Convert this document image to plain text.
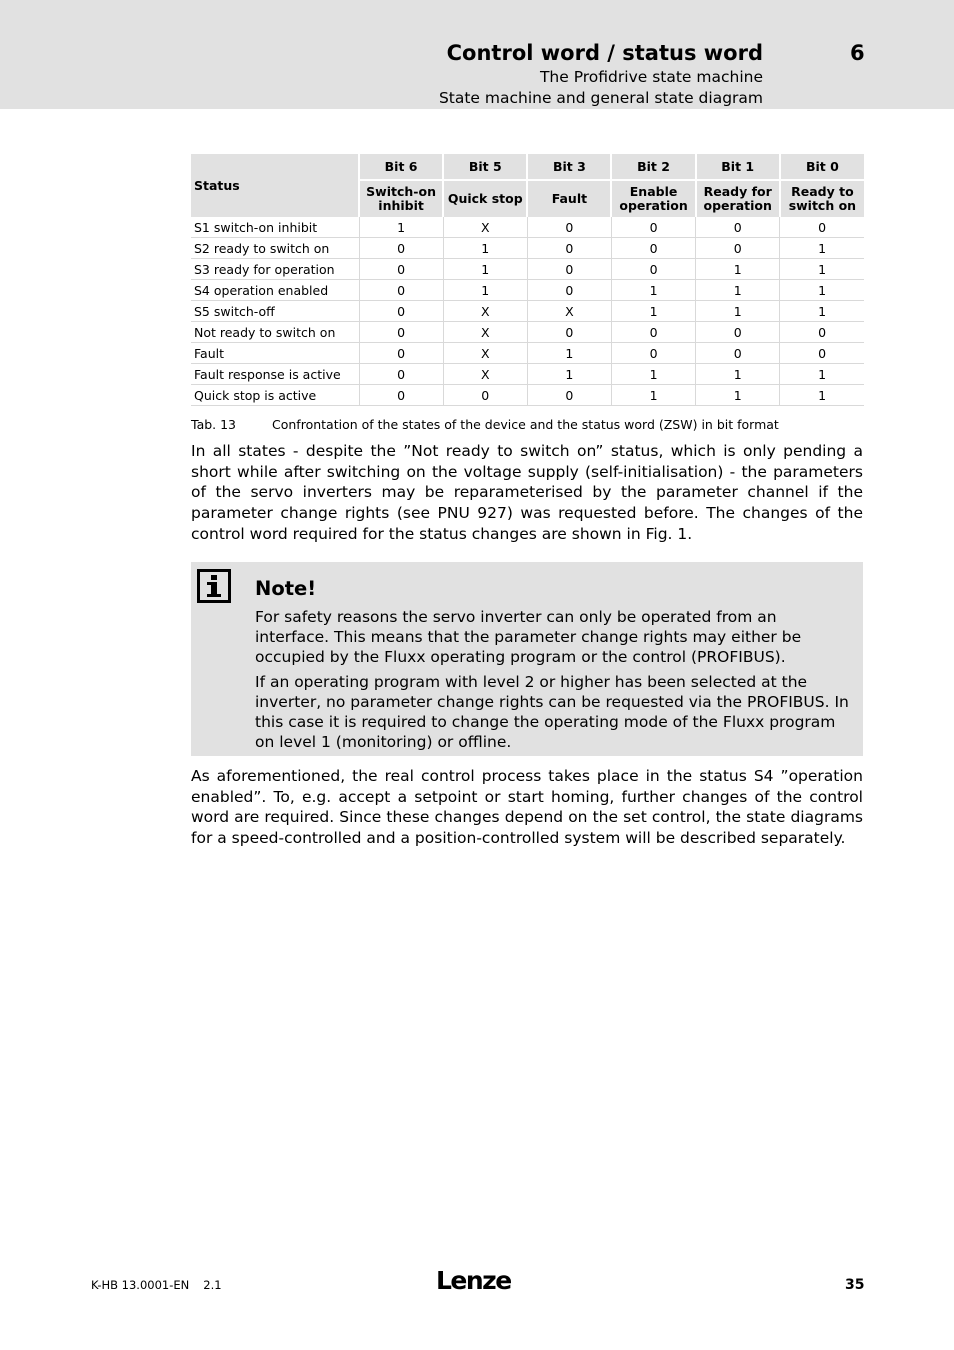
Control word / status word	6
The Profidrive state machine
State machine and general state diagram
Status	Bit 6	Bit 5	Bit 3	Bit 2	Bit 1	Bit 0
	Switch-on inhibit	Quick stop	Fault	Enable operation	Ready for operation	Ready to switch on
S1 switch-on inhibit	1	X	0	0	0	0
S2 ready to switch on	0	1	0	0	0	1
S3 ready for operation	0	1	0	0	1	1
S4 operation enabled	0	1	0	1	1	1
S5 switch-off	0	X	X	1	1	1
Not ready to switch on	0	X	0	0	0	0
Fault	0	X	1	0	0	0
Fault response is active	0	X	1	1	1	1
Quick stop is active	0	0	0	1	1	1
Tab. 13	Confrontation of the states of the device and the status word (ZSW) in bit format
In all states - despite the ”Not ready to switch on” status, which is only pending a short while after switching on the voltage supply (self-initialisation) - the parameters of the servo inverters may be reparameterised by the parameter channel if the parameter change rights (see PNU 927) was requested before. The changes of the control word required for the status changes are shown in Fig. 1.
Note!

For safety reasons the servo inverter can only be operated from an interface. This means that the parameter change rights may either be occupied by the Fluxx operating program or the control (PROFIBUS).

If an operating program with level 2 or higher has been selected at the inverter, no parameter change rights can be requested via the PROFIBUS. In this case it is required to change the operating mode of the Fluxx program on level 1 (monitoring) or offline.

As aforementioned, the real control process takes place in the status S4 ”operation enabled”. To, e.g. accept a setpoint or start homing, further changes of the control word are required. Since these changes depend on the set control, the state diagrams for a speed-controlled and a position-controlled system will be described separately.
K-HB 13.0001-EN 2.1	Lenze	35
